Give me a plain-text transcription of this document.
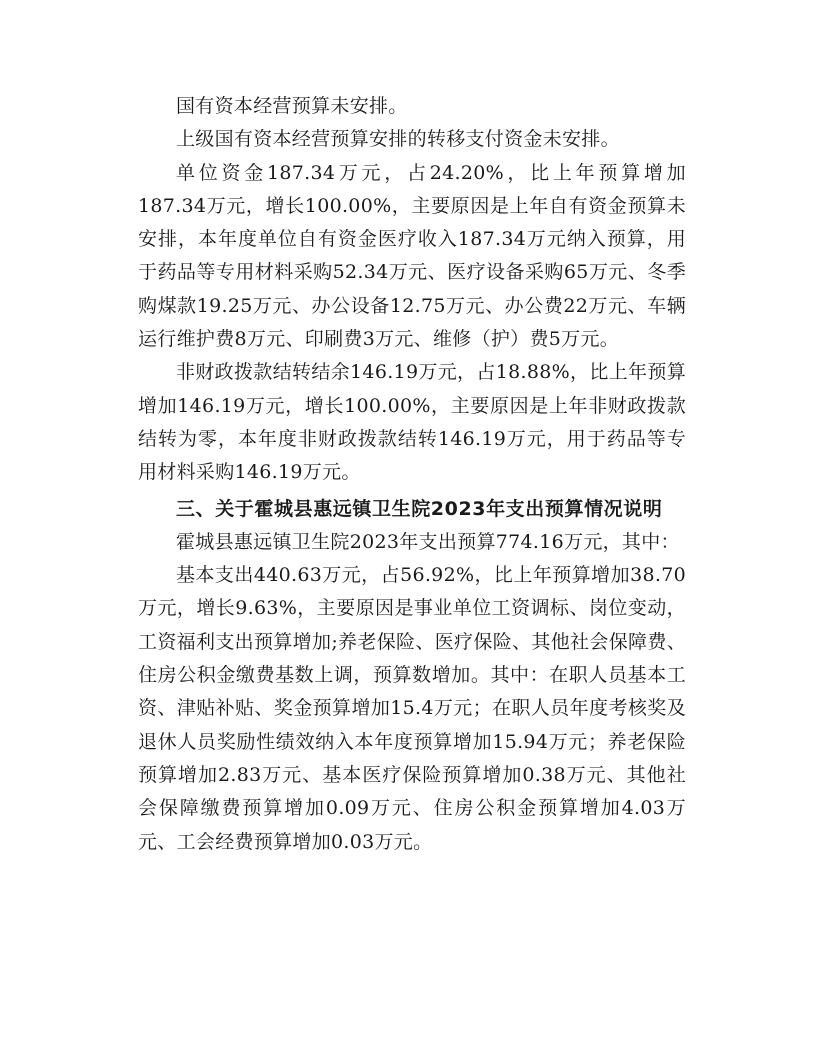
国有资本经营预算未安排。

上级国有资本经营预算安排的转移支付资金未安排。

单位资金187.34万元，占24.20%，比上年预算增加187.34万元，增长100.00%，主要原因是上年自有资金预算未安排，本年度单位自有资金医疗收入187.34万元纳入预算，用于药品等专用材料采购52.34万元、医疗设备采购65万元、冬季购煤款19.25万元、办公设备12.75万元、办公费22万元、车辆运行维护费8万元、印刷费3万元、维修（护）费5万元。

非财政拨款结转结余146.19万元，占18.88%，比上年预算增加146.19万元，增长100.00%，主要原因是上年非财政拨款结转为零，本年度非财政拨款结转146.19万元，用于药品等专用材料采购146.19万元。

三、关于霍城县惠远镇卫生院2023年支出预算情况说明

霍城县惠远镇卫生院2023年支出预算774.16万元，其中：

基本支出440.63万元，占56.92%，比上年预算增加38.70万元，增长9.63%，主要原因是事业单位工资调标、岗位变动，工资福利支出预算增加;养老保险、医疗保险、其他社会保障费、住房公积金缴费基数上调，预算数增加。其中：在职人员基本工资、津贴补贴、奖金预算增加15.4万元；在职人员年度考核奖及退休人员奖励性绩效纳入本年度预算增加15.94万元；养老保险预算增加2.83万元、基本医疗保险预算增加0.38万元、其他社会保障缴费预算增加0.09万元、住房公积金预算增加4.03万元、工会经费预算增加0.03万元。
